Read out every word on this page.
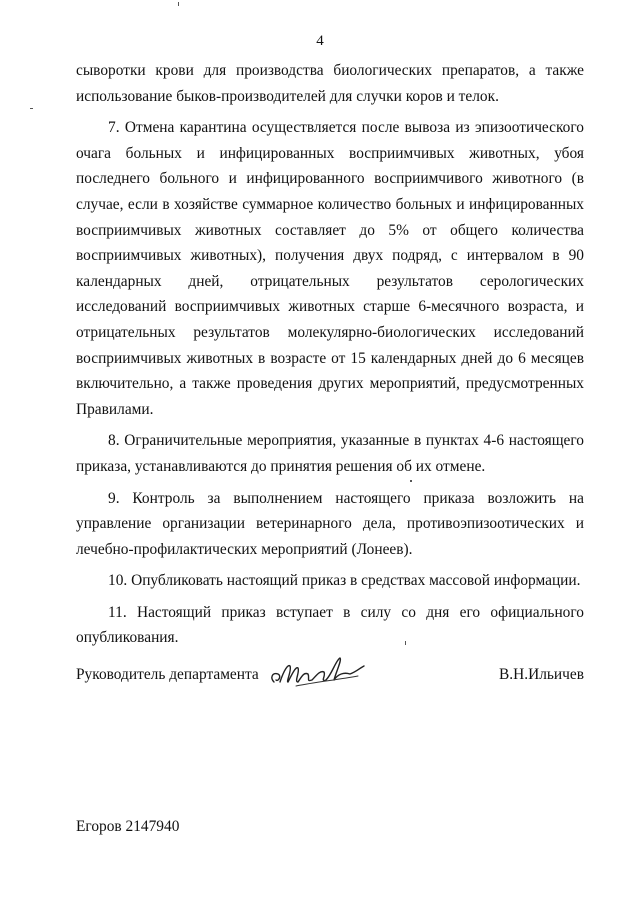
4

сыворотки крови для производства биологических препаратов, а также использование быков-производителей для случки коров и телок.

7. Отмена карантина осуществляется после вывоза из эпизоотического очага больных и инфицированных восприимчивых животных, убоя последнего больного и инфицированного восприимчивого животного (в случае, если в хозяйстве суммарное количество больных и инфицированных восприимчивых животных составляет до 5% от общего количества восприимчивых животных), получения двух подряд, с интервалом в 90 календарных дней, отрицательных результатов серологических исследований восприимчивых животных старше 6-месячного возраста, и отрицательных результатов молекулярно-биологических исследований восприимчивых животных в возрасте от 15 календарных дней до 6 месяцев включительно, а также проведения других мероприятий, предусмотренных Правилами.

8. Ограничительные мероприятия, указанные в пунктах 4-6 настоящего приказа, устанавливаются до принятия решения об их отмене.

9. Контроль за выполнением настоящего приказа возложить на управление организации ветеринарного дела, противоэпизоотических и лечебно-профилактических мероприятий (Лонеев).

10. Опубликовать настоящий приказ в средствах массовой информации.

11. Настоящий приказ вступает в силу со дня его официального опубликования.

Руководитель департамента	В.Н.Ильичев
Егоров 2147940
